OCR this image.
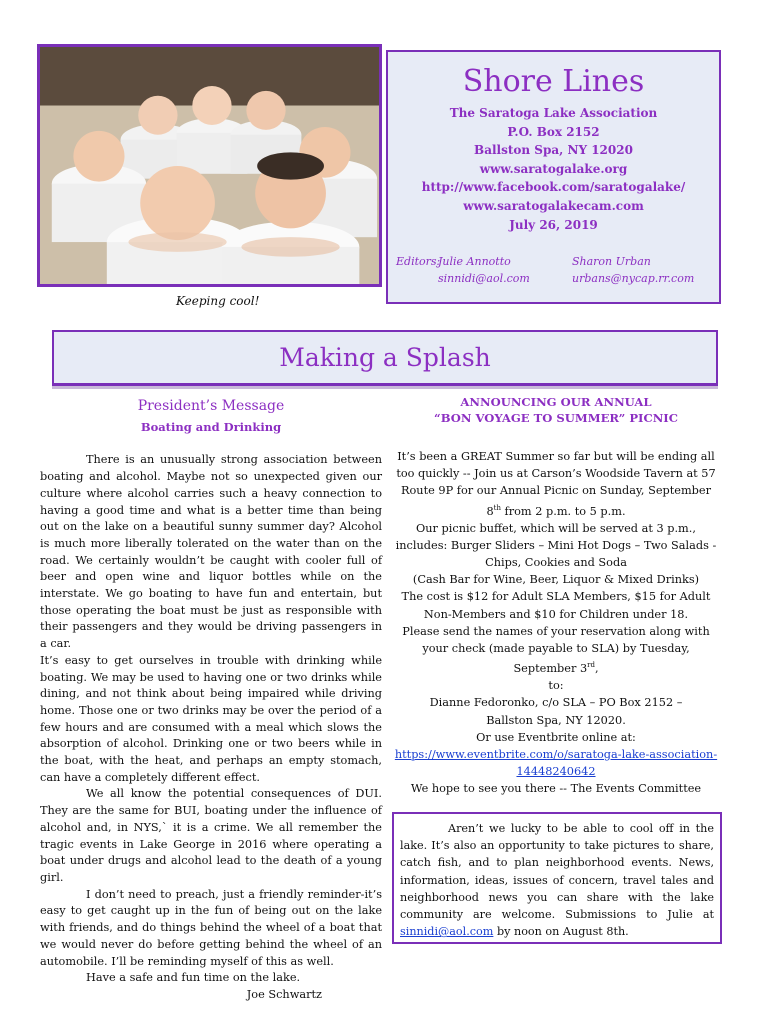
Keeping cool!
Shore Lines
The Saratoga Lake Association
P.O. Box 2152
Ballston Spa, NY 12020
www.saratogalake.org
http://www.facebook.com/saratogalake/
www.saratogalakecam.com
July 26, 2019
Editors:Julie Annotto
sinnidi@aol.com
Sharon Urban
urbans@nycap.rr.com
Making a Splash
President’s Message
Boating and Drinking

There is an unusually strong association between boating and alcohol. Maybe not so unexpected given our culture where alcohol carries such a heavy connection to having a good time and what is a better time than being out on the lake on a beautiful sunny summer day? Alcohol is much more liberally tolerated on the water than on the road. We certainly wouldn’t be caught with cooler full of beer and open wine and liquor bottles while on the interstate. We go boating to have fun and entertain, but those operating the boat must be just as responsible with their passengers and they would be driving passengers in a car.

It’s easy to get ourselves in trouble with drinking while boating. We may be used to having one or two drinks while dining, and not think about being impaired while driving home. Those one or two drinks may be over the period of a few hours and are consumed with a meal which slows the absorption of alcohol. Drinking one or two beers while in the boat, with the heat, and perhaps an empty stomach, can have a completely different effect.

We all know the potential consequences of DUI. They are the same for BUI, boating under the influence of alcohol and, in NYS,` it is a crime. We all remember the tragic events in Lake George in 2016 where operating a boat under drugs and alcohol lead to the death of a young girl.

I don’t need to preach, just a friendly reminder-it’s easy to get caught up in the fun of being out on the lake with friends, and do things behind the wheel of a boat that we would never do before getting behind the wheel of an automobile. I’ll be reminding myself of this as well.

Have a safe and fun time on the lake.

Joe Schwartz

ANNOUNCING OUR ANNUAL
“BON VOYAGE TO SUMMER” PICNIC
It’s been a GREAT Summer so far but will be ending all too quickly -- Join us at Carson’s Woodside Tavern at 57 Route 9P for our Annual Picnic on Sunday, September 8th from 2 p.m. to 5 p.m.
Our picnic buffet, which will be served at 3 p.m., includes: Burger Sliders – Mini Hot Dogs – Two Salads - Chips, Cookies and Soda
(Cash Bar for Wine, Beer, Liquor & Mixed Drinks)
The cost is $12 for Adult SLA Members, $15 for Adult Non-Members and $10 for Children under 18.
Please send the names of your reservation along with your check (made payable to SLA) by Tuesday, September 3rd,
to:
Dianne Fedoronko, c/o SLA – PO Box 2152 –
Ballston Spa, NY 12020.
Or use Eventbrite online at:
https://www.eventbrite.com/o/saratoga-lake-association-14448240642
We hope to see you there -- The Events Committee

Aren’t we lucky to be able to cool off in the lake. It’s also an opportunity to take pictures to share, catch fish, and to plan neighborhood events. News, information, ideas, issues of concern, travel tales and neighborhood news you can share with the lake community are welcome. Submissions to Julie at sinnidi@aol.com by noon on August 8th.
